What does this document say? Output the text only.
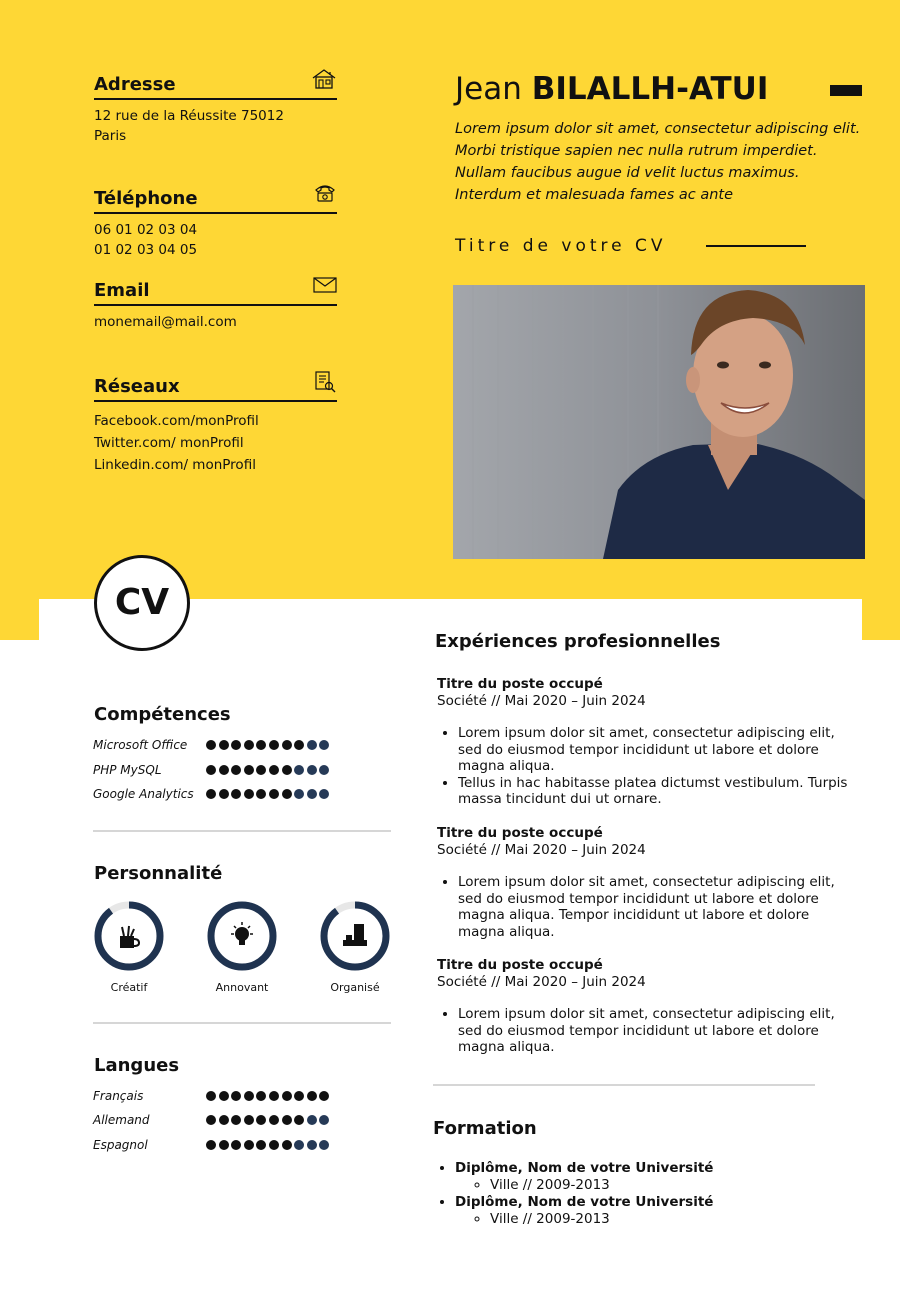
Adresse
12 rue de la Réussite 75012
Paris
Téléphone
06 01 02 03 04
01 02 03 04 05
Email
monemail@mail.com
Réseaux
Facebook.com/monProfil
Twitter.com/ monProfil
Linkedin.com/ monProfil
Jean BILALLH-ATUI
Lorem ipsum dolor sit amet, consectetur adipiscing elit. Morbi tristique sapien nec nulla rutrum imperdiet. Nullam faucibus augue id velit luctus maximus. Interdum et malesuada fames ac ante
Titre de votre CV
CV
Compétences
Microsoft Office
PHP MySQL
Google Analytics
Personnalité
Créatif	Annovant	Organisé
Langues
Français
Allemand
Espagnol
Expériences profesionnelles
Titre du poste occupé
Société // Mai 2020 – Juin 2024
• Lorem ipsum dolor sit amet, consectetur adipiscing elit, sed do eiusmod tempor incididunt ut labore et dolore magna aliqua.
• Tellus in hac habitasse platea dictumst vestibulum. Turpis massa tincidunt dui ut ornare.
Titre du poste occupé
Société // Mai 2020 – Juin 2024
• Lorem ipsum dolor sit amet, consectetur adipiscing elit, sed do eiusmod tempor incididunt ut labore et dolore magna aliqua. Tempor incididunt ut labore et dolore magna aliqua.
Titre du poste occupé
Société // Mai 2020 – Juin 2024
• Lorem ipsum dolor sit amet, consectetur adipiscing elit, sed do eiusmod tempor incididunt ut labore et dolore magna aliqua.
Formation
• Diplôme, Nom de votre Université
◦ Ville // 2009-2013
• Diplôme, Nom de votre Université
◦ Ville // 2009-2013
